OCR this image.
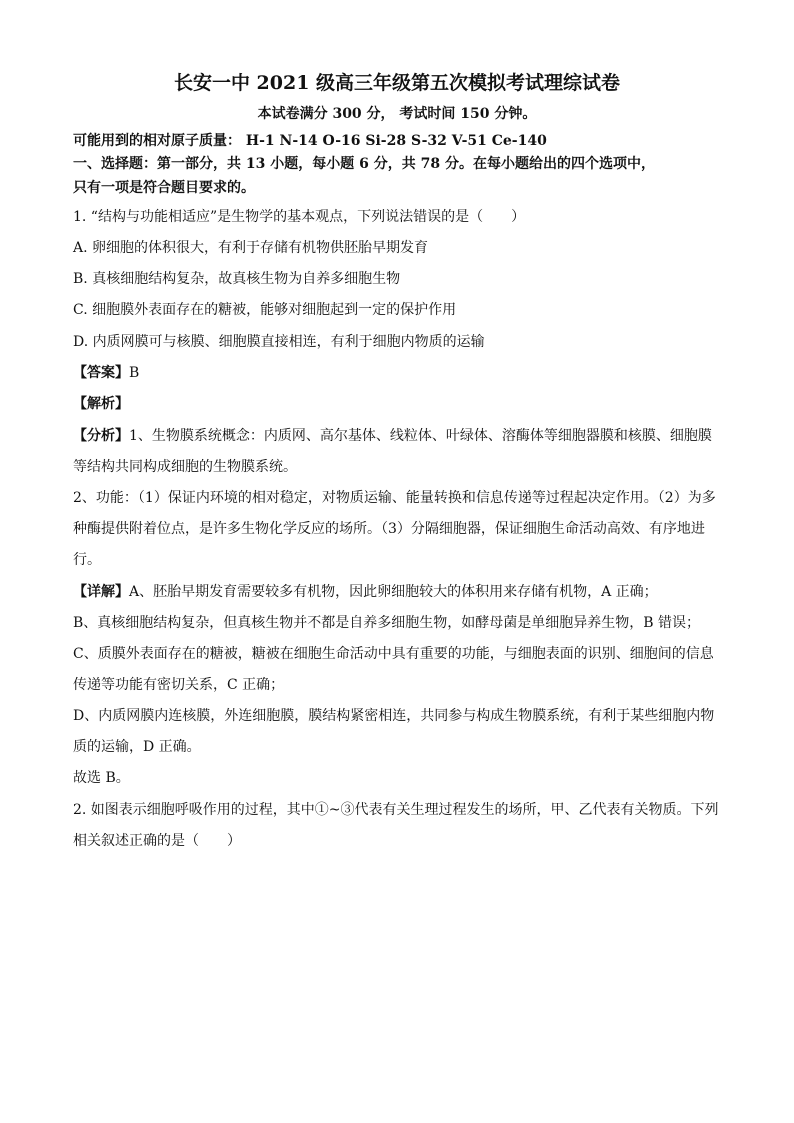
长安一中 2021 级高三年级第五次模拟考试理综试卷
本试卷满分 300 分， 考试时间 150 分钟。
可能用到的相对原子质量： H-1 N-14 O-16 Si-28 S-32 V-51 Ce-140
一、选择题：第一部分，共 13 小题，每小题 6 分，共 78 分。在每小题给出的四个选项中，
只有一项是符合题目要求的。
1. “结构与功能相适应”是生物学的基本观点，下列说法错误的是（　　）
A. 卵细胞的体积很大，有利于存储有机物供胚胎早期发育
B. 真核细胞结构复杂，故真核生物为自养多细胞生物
C. 细胞膜外表面存在的糖被，能够对细胞起到一定的保护作用
D. 内质网膜可与核膜、细胞膜直接相连，有利于细胞内物质的运输
【答案】B
【解析】
【分析】1、生物膜系统概念：内质网、高尔基体、线粒体、叶绿体、溶酶体等细胞器膜和核膜、细胞膜
等结构共同构成细胞的生物膜系统。
2、功能：（1）保证内环境的相对稳定，对物质运输、能量转换和信息传递等过程起决定作用。（2）为多
种酶提供附着位点，是许多生物化学反应的场所。（3）分隔细胞器，保证细胞生命活动高效、有序地进
行。
【详解】A、胚胎早期发育需要较多有机物，因此卵细胞较大的体积用来存储有机物，A 正确；
B、真核细胞结构复杂，但真核生物并不都是自养多细胞生物，如酵母菌是单细胞异养生物，B 错误；
C、质膜外表面存在的糖被，糖被在细胞生命活动中具有重要的功能，与细胞表面的识别、细胞间的信息
传递等功能有密切关系，C 正确；
D、内质网膜内连核膜，外连细胞膜，膜结构紧密相连，共同参与构成生物膜系统，有利于某些细胞内物
质的运输，D 正确。
故选 B。
2. 如图表示细胞呼吸作用的过程，其中①~③代表有关生理过程发生的场所，甲、乙代表有关物质。下列
相关叙述正确的是（　　）
